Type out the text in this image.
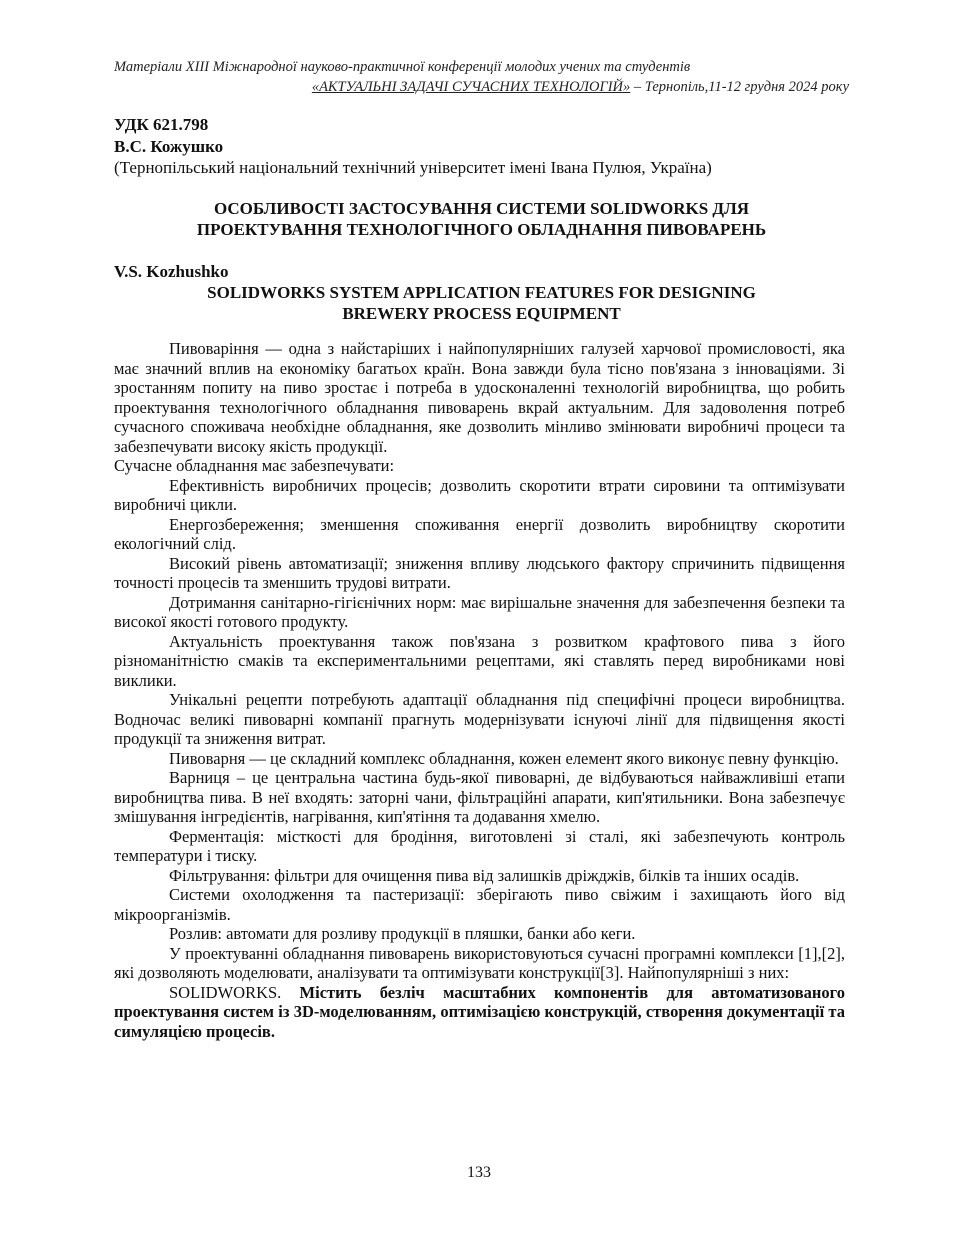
Матеріали XIII Міжнародної науково-практичної конференції молодих учених та студентів
«АКТУАЛЬНІ ЗАДАЧІ СУЧАСНИХ ТЕХНОЛОГІЙ» – Тернопіль,11-12 грудня 2024 року
УДК 621.798
В.С. Кожушко
(Тернопільський національний технічний університет імені Івана Пулюя, Україна)
ОСОБЛИВОСТІ ЗАСТОСУВАННЯ СИСТЕМИ SOLIDWORKS ДЛЯ
ПРОЕКТУВАННЯ ТЕХНОЛОГІЧНОГО ОБЛАДНАННЯ ПИВОВАРЕНЬ
V.S. Kozhushko
SOLIDWORKS SYSTEM APPLICATION FEATURES FOR DESIGNING
BREWERY PROCESS EQUIPMENT

Пивоваріння — одна з найстаріших і найпопулярніших галузей харчової промисловості, яка має значний вплив на економіку багатьох країн. Вона завжди була тісно пов'язана з інноваціями. Зі зростанням попиту на пиво зростає і потреба в удосконаленні технологій виробництва, що робить проектування технологічного обладнання пивоварень вкрай актуальним. Для задоволення потреб сучасного споживача необхідне обладнання, яке дозволить мінливо змінювати виробничі процеси та забезпечувати високу якість продукції.

Сучасне обладнання має забезпечувати:

Ефективність виробничих процесів; дозволить скоротити втрати сировини та оптимізувати виробничі цикли.

Енергозбереження; зменшення споживання енергії дозволить виробництву скоротити екологічний слід.

Високий рівень автоматизації; зниження впливу людського фактору спричинить підвищення точності процесів та зменшить трудові витрати.

Дотримання санітарно-гігієнічних норм: має вирішальне значення для забезпечення безпеки та високої якості готового продукту.

Актуальність проектування також пов'язана з розвитком крафтового пива з його різноманітністю смаків та експериментальними рецептами, які ставлять перед виробниками нові виклики.

Унікальні рецепти потребують адаптації обладнання під специфічні процеси виробництва. Водночас великі пивоварні компанії прагнуть модернізувати існуючі лінії для підвищення якості продукції та зниження витрат.

Пивоварня — це складний комплекс обладнання, кожен елемент якого виконує певну функцію.

Варниця – це центральна частина будь-якої пивоварні, де відбуваються найважливіші етапи виробництва пива. В неї входять: заторні чани, фільтраційні апарати, кип'ятильники. Вона забезпечує змішування інгредієнтів, нагрівання, кип'ятіння та додавання хмелю.

Ферментація: місткості для бродіння, виготовлені зі сталі, які забезпечують контроль температури і тиску.

Фільтрування: фільтри для очищення пива від залишків дріжджів, білків та інших осадів.

Системи охолодження та пастеризації: зберігають пиво свіжим і захищають його від мікроорганізмів.

Розлив: автомати для розливу продукції в пляшки, банки або кеги.

У проектуванні обладнання пивоварень використовуються сучасні програмні комплекси [1],[2], які дозволяють моделювати, аналізувати та оптимізувати конструкції[3]. Найпопулярніші з них:

SOLIDWORKS. Містить безліч масштабних компонентів для автоматизованого проектування систем із 3D-моделюванням, оптимізацією конструкцій, створення документації та симуляцією процесів.

133
